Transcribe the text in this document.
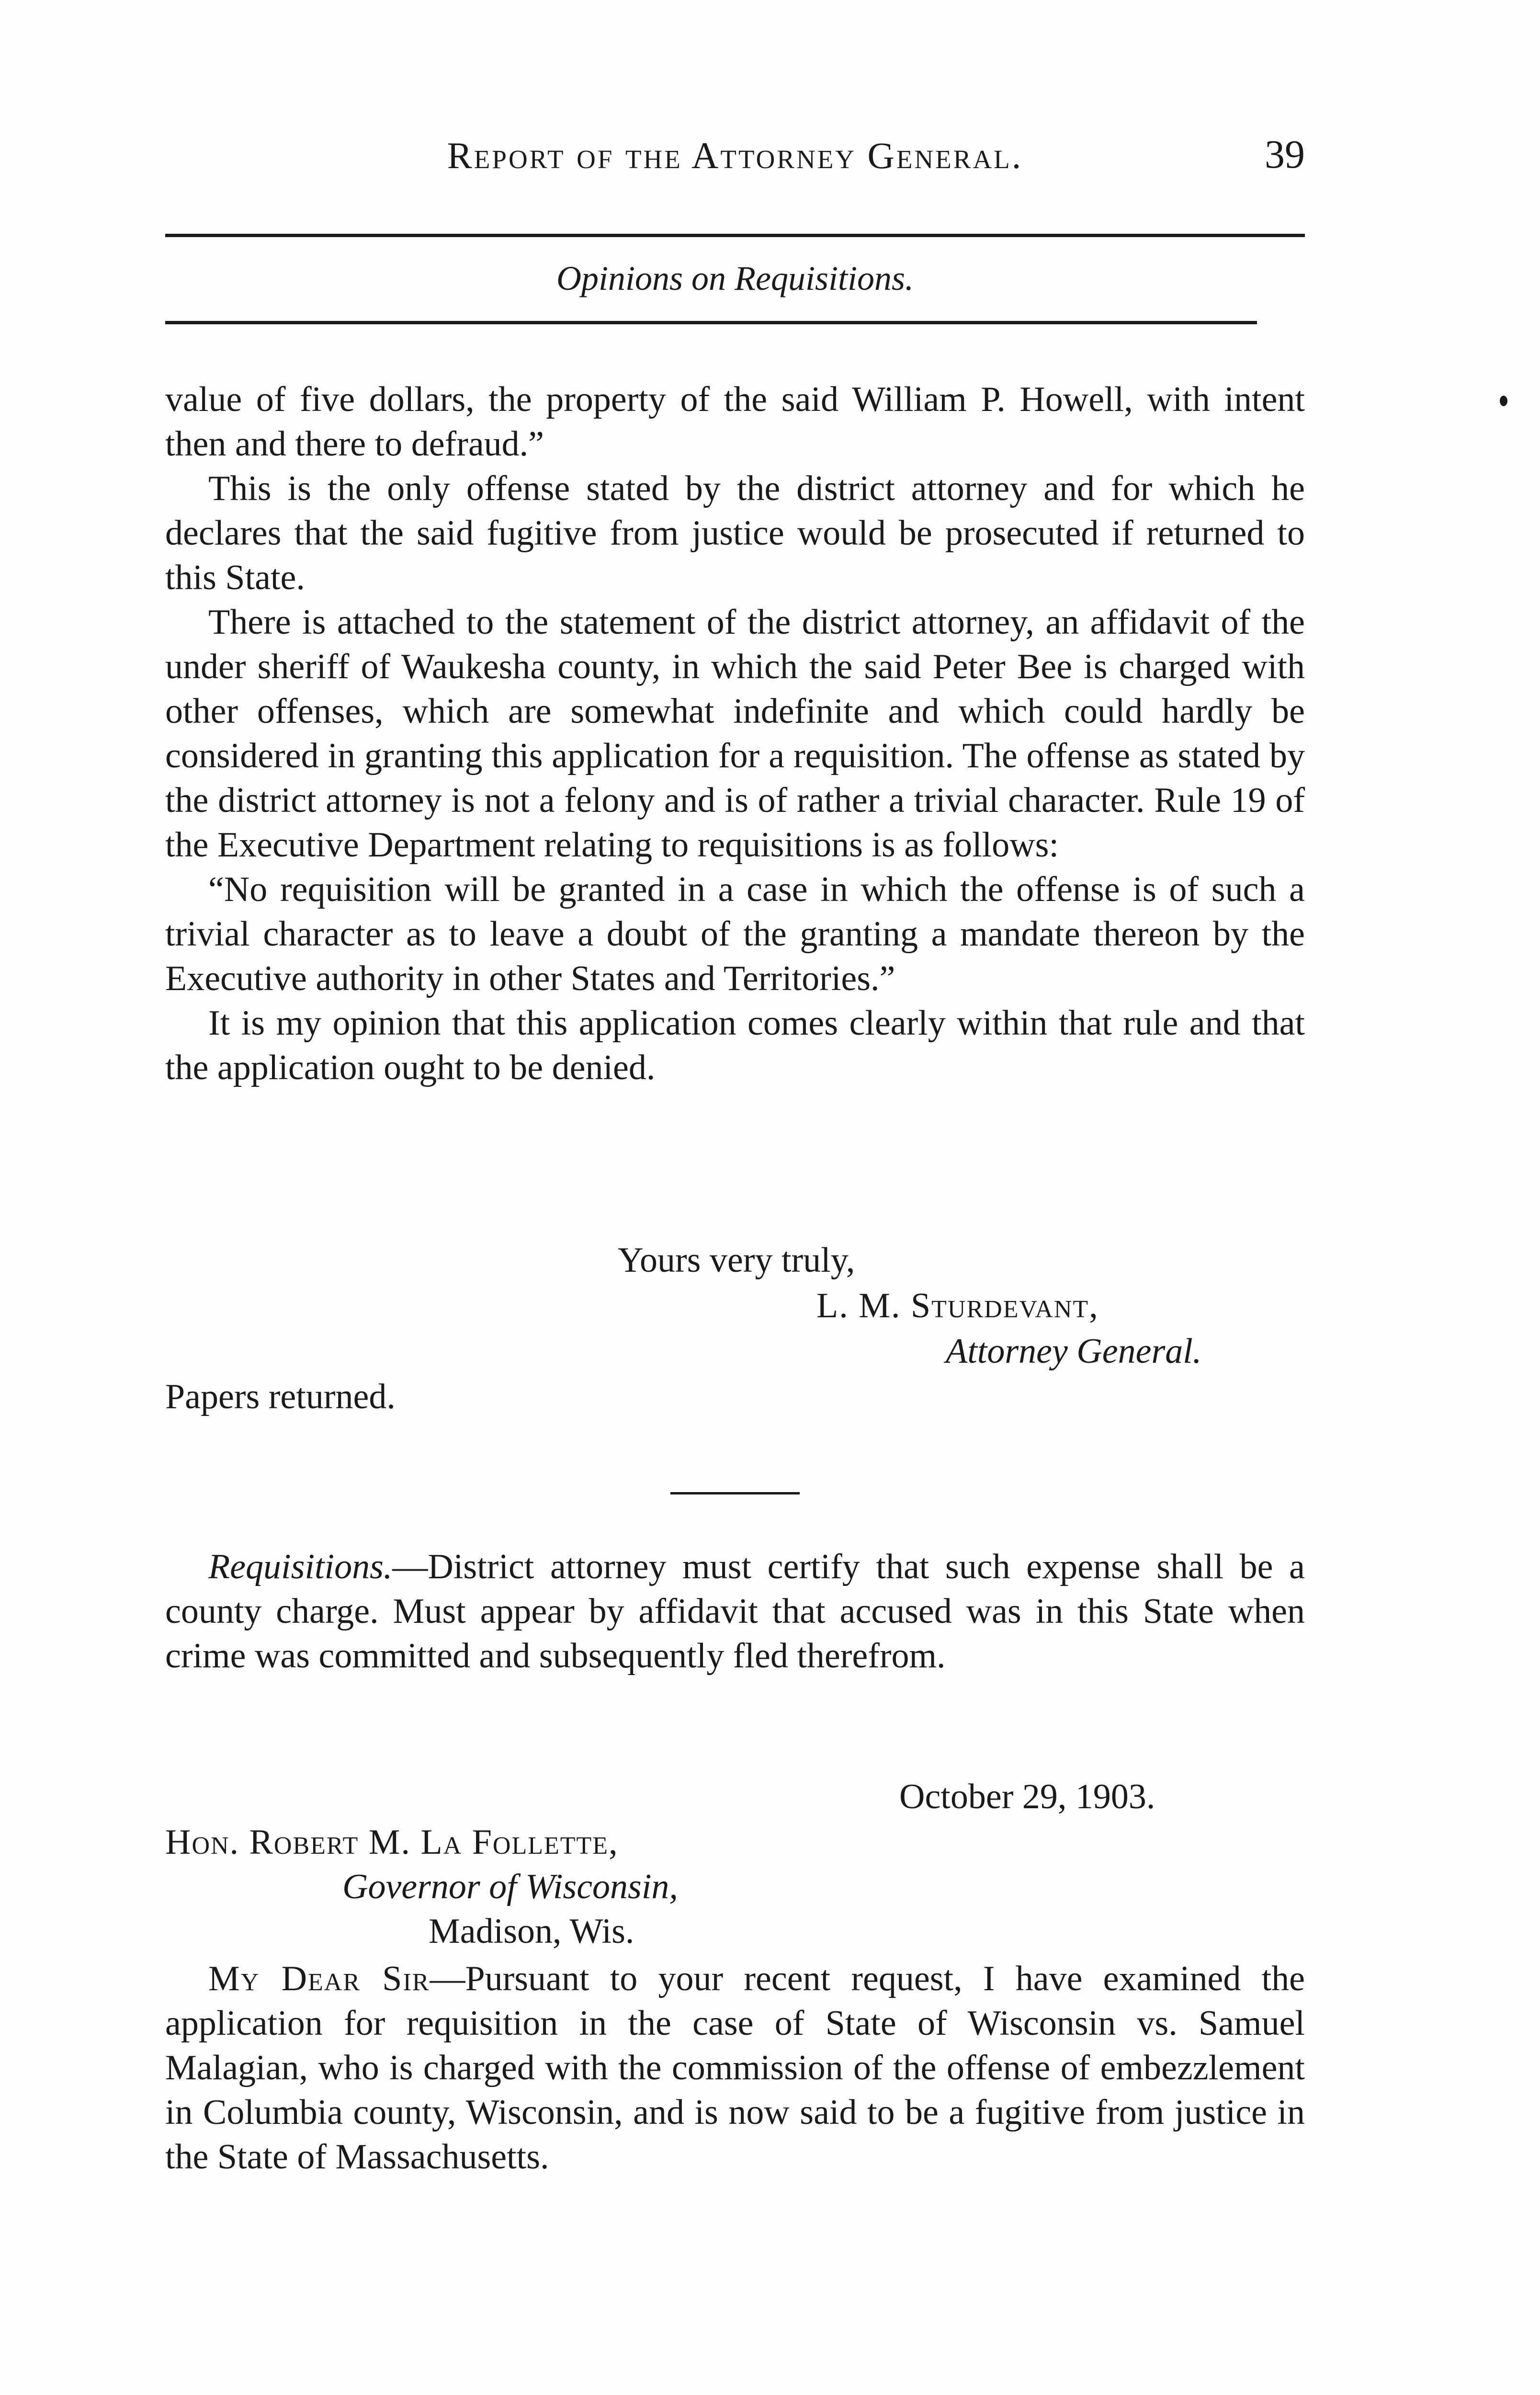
Report of the Attorney General.	39
Opinions on Requisitions.

value of five dollars, the property of the said William P. Howell, with intent then and there to defraud.”

This is the only offense stated by the district attorney and for which he declares that the said fugitive from justice would be prosecuted if returned to this State.

There is attached to the statement of the district attorney, an affidavit of the under sheriff of Waukesha county, in which the said Peter Bee is charged with other offenses, which are somewhat indefinite and which could hardly be considered in granting this application for a requisition. The offense as stated by the district attorney is not a felony and is of rather a trivial character. Rule 19 of the Executive Department relating to requisitions is as follows:

“No requisition will be granted in a case in which the offense is of such a trivial character as to leave a doubt of the granting a mandate thereon by the Executive authority in other States and Territories.”

It is my opinion that this application comes clearly within that rule and that the application ought to be denied.

Yours very truly,
L. M. Sturdevant,
Attorney General.
Papers returned.

Requisitions.—District attorney must certify that such expense shall be a county charge. Must appear by affidavit that accused was in this State when crime was committed and subsequently fled therefrom.

October 29, 1903.
Hon. Robert M. La Follette,
Governor of Wisconsin,
Madison, Wis.

My Dear Sir—Pursuant to your recent request, I have examined the application for requisition in the case of State of Wisconsin vs. Samuel Malagian, who is charged with the commission of the offense of embezzlement in Columbia county, Wisconsin, and is now said to be a fugitive from justice in the State of Massachusetts.
